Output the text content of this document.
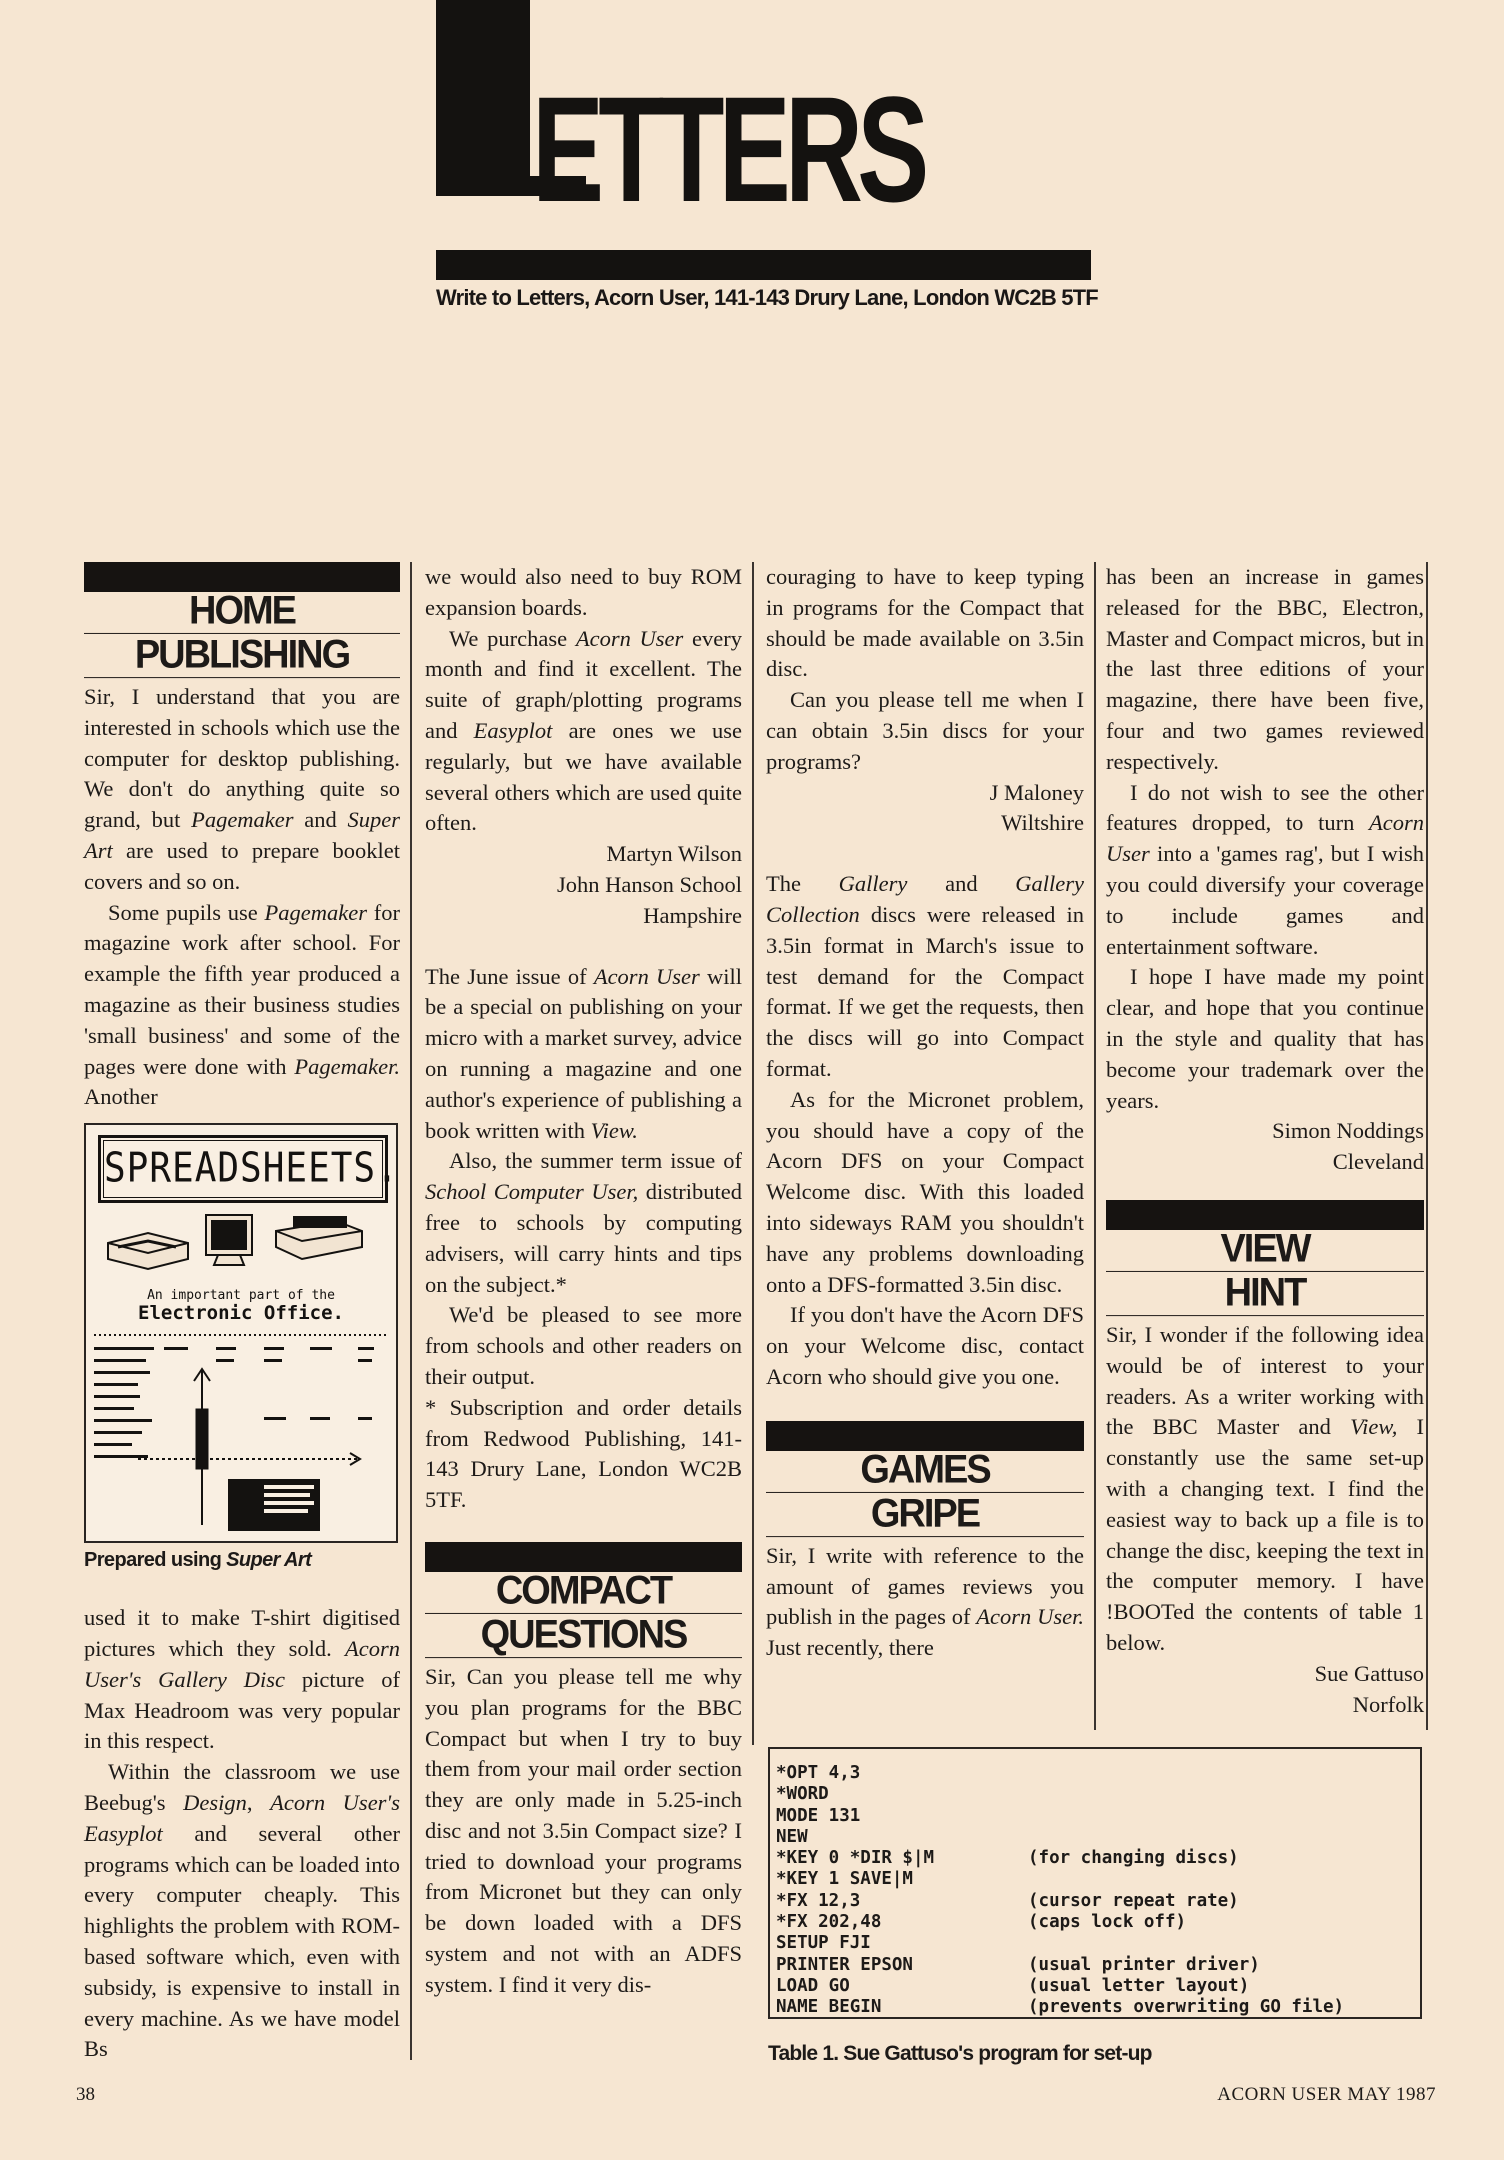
ETTERS
Write to Letters, Acorn User, 141-143 Drury Lane, London WC2B 5TF
HOME
PUBLISHING

Sir, I understand that you are interested in schools which use the computer for desktop publishing. We don't do anything quite so grand, but Pagemaker and Super Art are used to prepare booklet covers and so on.

Some pupils use Pagemaker for magazine work after school. For example the fifth year produced a magazine as their business studies 'small business' and some of the pages were done with Pagemaker. Another

SPREADSHEETS.
An important part of the
Electronic Office.
Prepared using Super Art

used it to make T-shirt digitised pictures which they sold. Acorn User's Gallery Disc picture of Max Headroom was very popular in this respect.

Within the classroom we use Beebug's Design, Acorn User's Easyplot and several other programs which can be loaded into every computer cheaply. This highlights the problem with ROM-based software which, even with subsidy, is expensive to install in every machine. As we have model Bs

we would also need to buy ROM expansion boards.

We purchase Acorn User every month and find it excellent. The suite of graph/plotting programs and Easyplot are ones we use regularly, but we have available several others which are used quite often.

Martyn Wilson

John Hanson School

Hampshire

The June issue of Acorn User will be a special on publishing on your micro with a market survey, advice on running a magazine and one author's experience of publishing a book written with View.

Also, the summer term issue of School Computer User, distributed free to schools by computing advisers, will carry hints and tips on the subject.*

We'd be pleased to see more from schools and other readers on their output.

* Subscription and order details from Redwood Publishing, 141-143 Drury Lane, London WC2B 5TF.

COMPACT
QUESTIONS

Sir, Can you please tell me why you plan programs for the BBC Compact but when I try to buy them from your mail order section they are only made in 5.25-inch disc and not 3.5in Compact size? I tried to download your programs from Micronet but they can only be down loaded with a DFS system and not with an ADFS system. I find it very dis-

couraging to have to keep typing in programs for the Compact that should be made available on 3.5in disc.

Can you please tell me when I can obtain 3.5in discs for your programs?

J Maloney

Wiltshire

The Gallery and Gallery Collection discs were released in 3.5in format in March's issue to test demand for the Compact format. If we get the requests, then the discs will go into Compact format.

As for the Micronet problem, you should have a copy of the Acorn DFS on your Compact Welcome disc. With this loaded into sideways RAM you shouldn't have any problems downloading onto a DFS-formatted 3.5in disc.

If you don't have the Acorn DFS on your Welcome disc, contact Acorn who should give you one.

GAMES
GRIPE

Sir, I write with reference to the amount of games reviews you publish in the pages of Acorn User. Just recently, there

has been an increase in games released for the BBC, Electron, Master and Compact micros, but in the last three editions of your magazine, there have been five, four and two games reviewed respectively.

I do not wish to see the other features dropped, to turn Acorn User into a 'games rag', but I wish you could diversify your coverage to include games and entertainment software.

I hope I have made my point clear, and hope that you continue in the style and quality that has become your trademark over the years.

Simon Noddings

Cleveland

VIEW
HINT

Sir, I wonder if the following idea would be of interest to your readers. As a writer working with the BBC Master and View, I constantly use the same set-up with a changing text. I find the easiest way to back up a file is to change the disc, keeping the text in the computer memory. I have !BOOTed the contents of table 1 below.

Sue Gattuso

Norfolk

*OPT 4,3
*WORD
MODE 131
NEW
*KEY 0 *DIR $|M	(for changing discs)
*KEY 1 SAVE|M
*FX 12,3	(cursor repeat rate)
*FX 202,48	(caps lock off)
SETUP FJI
PRINTER EPSON	(usual printer driver)
LOAD GO	(usual letter layout)
NAME BEGIN	(prevents overwriting GO file)
Table 1. Sue Gattuso's program for set-up
38	ACORN USER MAY 1987
